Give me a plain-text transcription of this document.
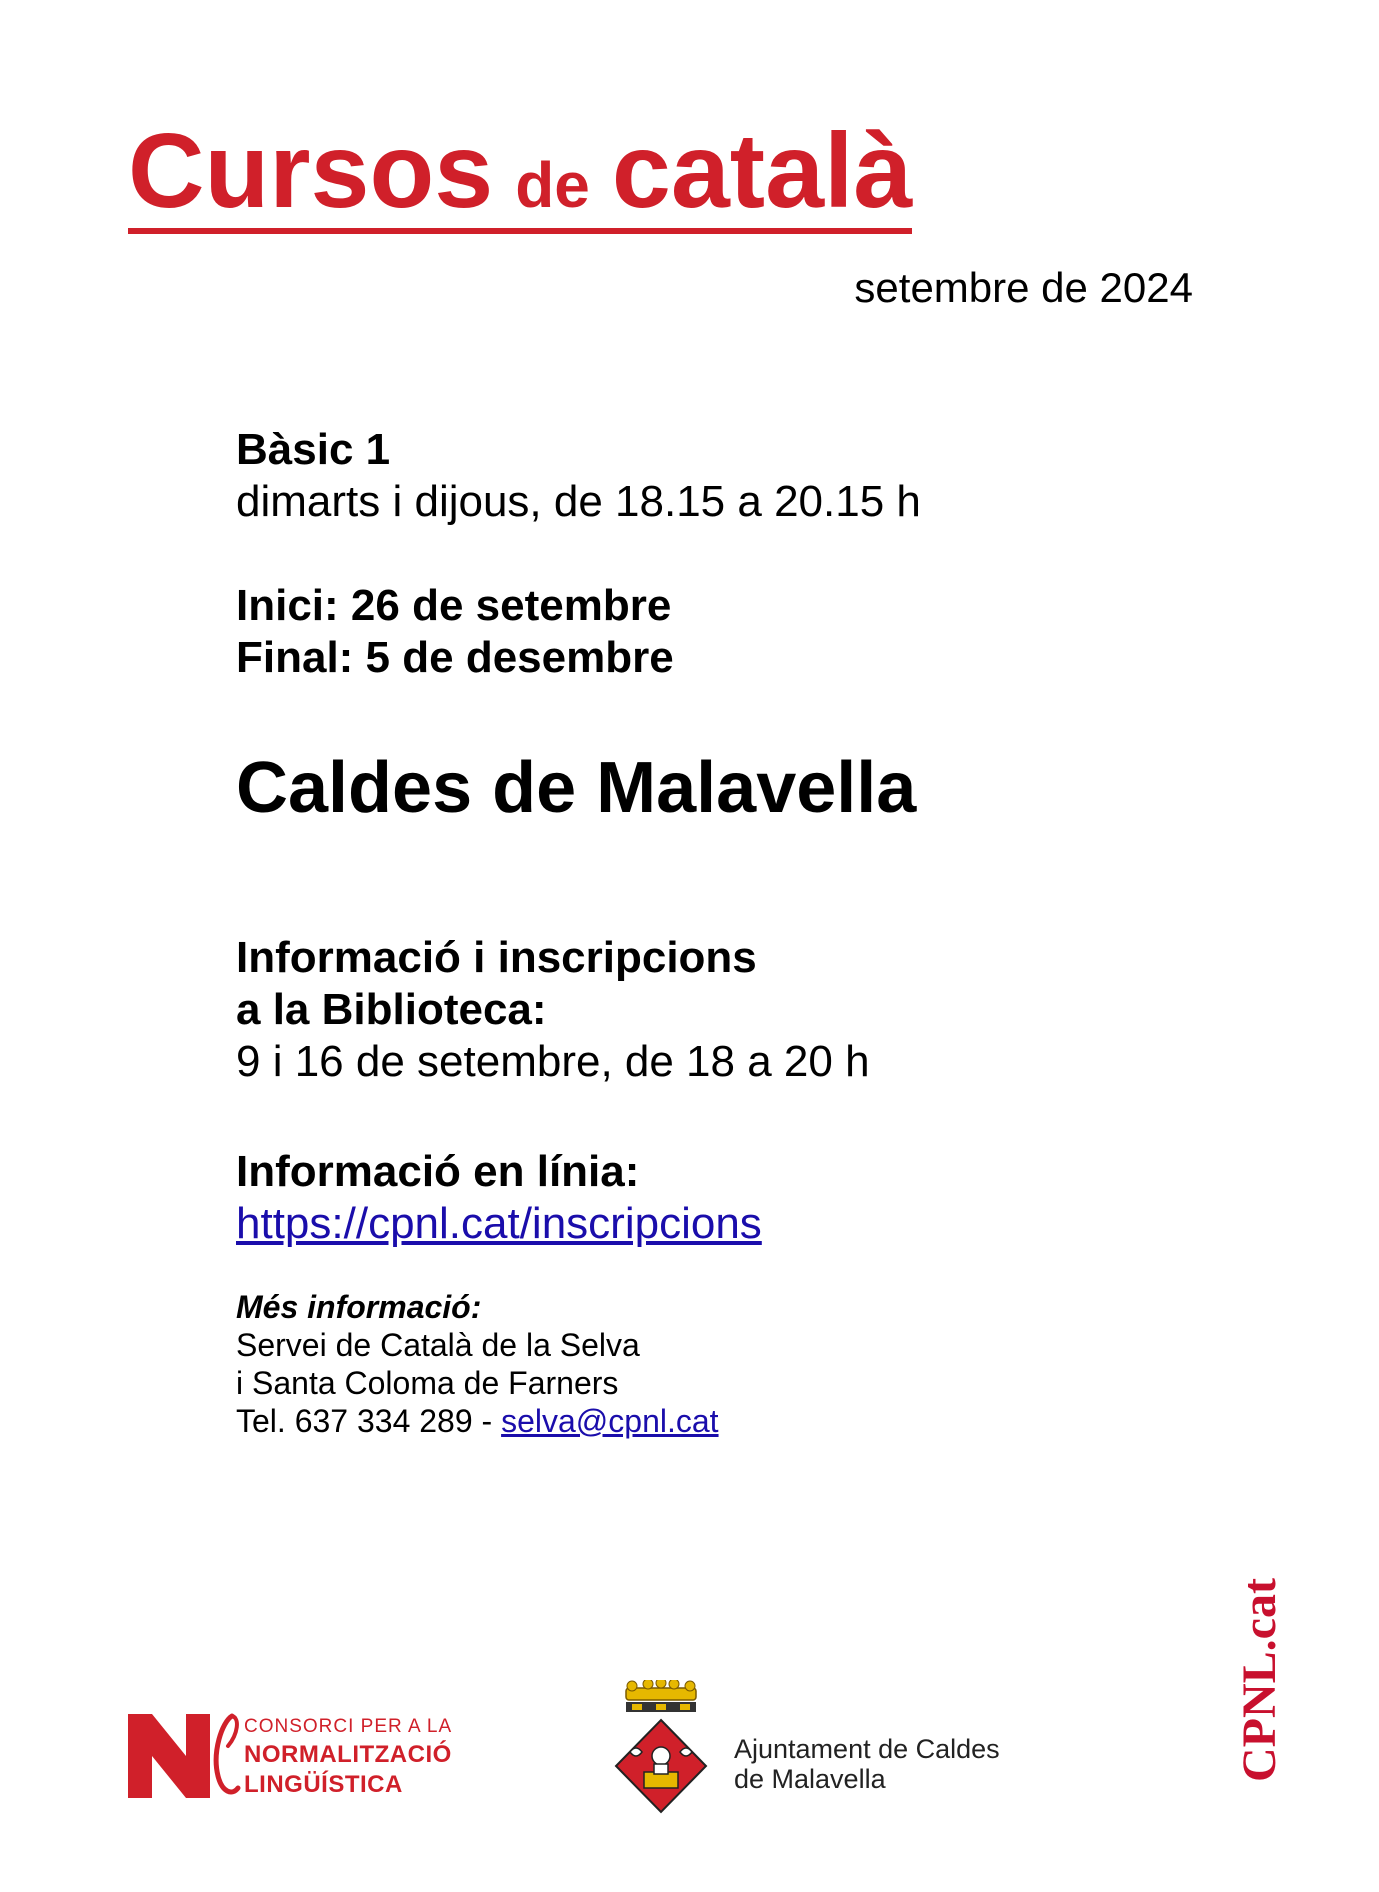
Cursos de català
setembre de 2024
Bàsic 1
dimarts i dijous, de 18.15 a 20.15 h
Inici: 26 de setembre
Final: 5 de desembre
Caldes de Malavella
Informació i inscripcions
a la Biblioteca:
9 i 16 de setembre, de 18 a 20 h
Informació en línia:
https://cpnl.cat/inscripcions
Més informació:
Servei de Català de la Selva
i Santa Coloma de Farners
Tel. 637 334 289 - selva@cpnl.cat
CONSORCI PER A LA
NORMALITZACIÓ
LINGÜÍSTICA
Ajuntament de Caldes
de Malavella	CPNL.cat
